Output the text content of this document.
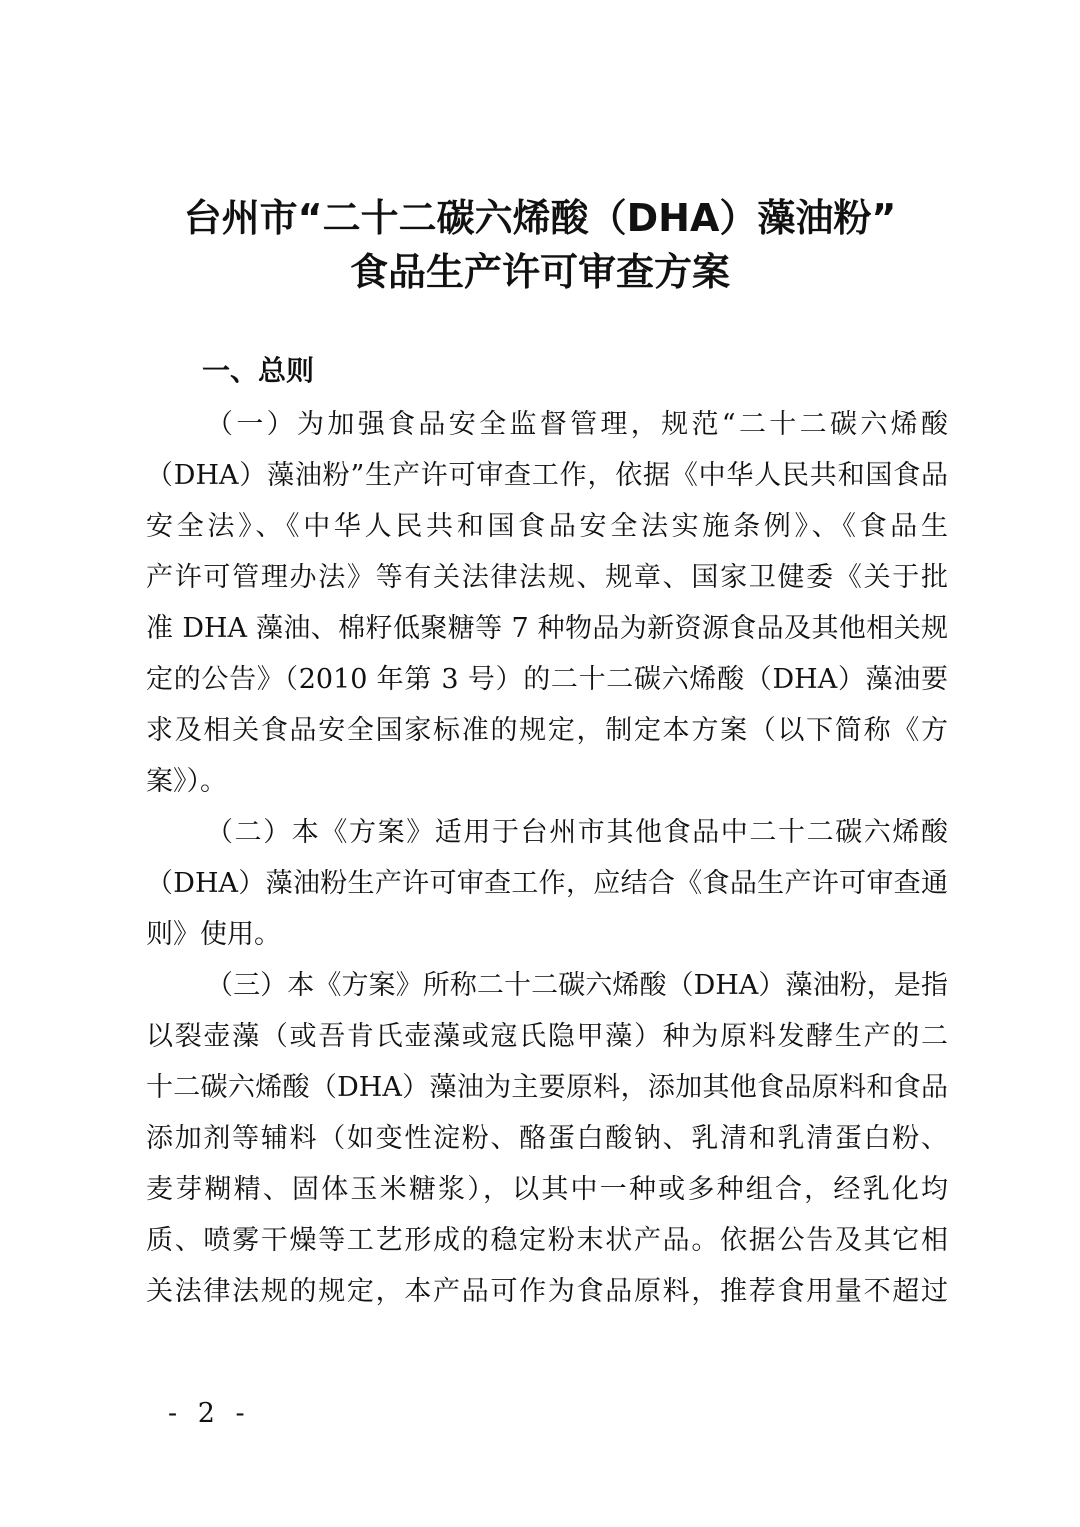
台州市“二十二碳六烯酸（DHA）藻油粉”
食品生产许可审查方案
一、总则
（一）为加强食品安全监督管理，规范“二十二碳六烯酸
（DHA）藻油粉”生产许可审查工作，依据《中华人民共和国食品
安全法》、《中华人民共和国食品安全法实施条例》、《食品生
产许可管理办法》等有关法律法规、规章、国家卫健委《关于批
准 DHA 藻油、棉籽低聚糖等 7 种物品为新资源食品及其他相关规
定的公告》（2010 年第 3 号）的二十二碳六烯酸（DHA）藻油要
求及相关食品安全国家标准的规定，制定本方案（以下简称《方
案》）。
（二）本《方案》适用于台州市其他食品中二十二碳六烯酸
（DHA）藻油粉生产许可审查工作，应结合《食品生产许可审查通
则》使用。
（三）本《方案》所称二十二碳六烯酸（DHA）藻油粉，是指
以裂壶藻（或吾肯氏壶藻或寇氏隐甲藻）种为原料发酵生产的二
十二碳六烯酸（DHA）藻油为主要原料，添加其他食品原料和食品
添加剂等辅料（如变性淀粉、酪蛋白酸钠、乳清和乳清蛋白粉、
麦芽糊精、固体玉米糖浆），以其中一种或多种组合，经乳化均
质、喷雾干燥等工艺形成的稳定粉末状产品。依据公告及其它相
关法律法规的规定，本产品可作为食品原料，推荐食用量不超过
- 2 -
